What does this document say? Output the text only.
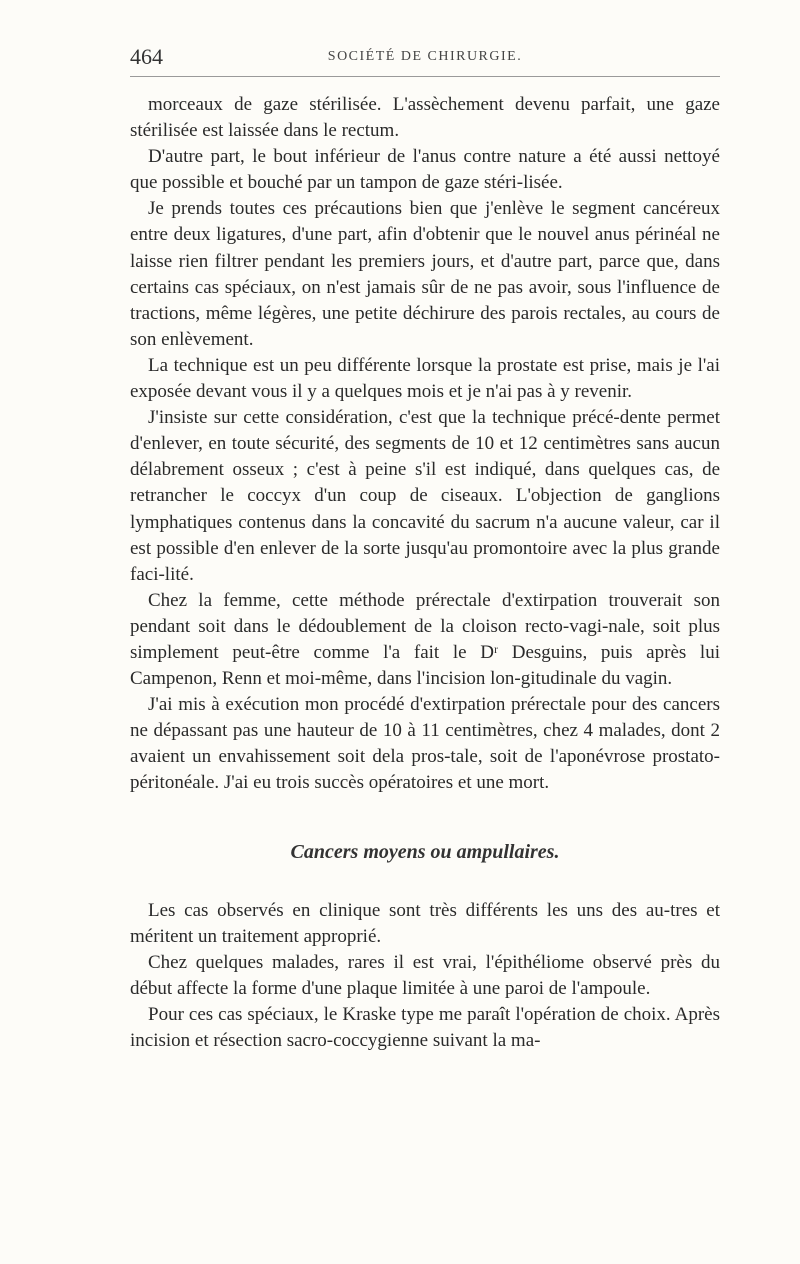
464	SOCIÉTÉ DE CHIRURGIE.

morceaux de gaze stérilisée. L'assèchement devenu parfait, une gaze stérilisée est laissée dans le rectum.

D'autre part, le bout inférieur de l'anus contre nature a été aussi nettoyé que possible et bouché par un tampon de gaze stéri-lisée.

Je prends toutes ces précautions bien que j'enlève le segment cancéreux entre deux ligatures, d'une part, afin d'obtenir que le nouvel anus périnéal ne laisse rien filtrer pendant les premiers jours, et d'autre part, parce que, dans certains cas spéciaux, on n'est jamais sûr de ne pas avoir, sous l'influence de tractions, même légères, une petite déchirure des parois rectales, au cours de son enlèvement.

La technique est un peu différente lorsque la prostate est prise, mais je l'ai exposée devant vous il y a quelques mois et je n'ai pas à y revenir.

J'insiste sur cette considération, c'est que la technique précé-dente permet d'enlever, en toute sécurité, des segments de 10 et 12 centimètres sans aucun délabrement osseux ; c'est à peine s'il est indiqué, dans quelques cas, de retrancher le coccyx d'un coup de ciseaux. L'objection de ganglions lymphatiques contenus dans la concavité du sacrum n'a aucune valeur, car il est possible d'en enlever de la sorte jusqu'au promontoire avec la plus grande faci-lité.

Chez la femme, cette méthode prérectale d'extirpation trouverait son pendant soit dans le dédoublement de la cloison recto-vagi-nale, soit plus simplement peut-être comme l'a fait le Dʳ Desguins, puis après lui Campenon, Renn et moi-même, dans l'incision lon-gitudinale du vagin.

J'ai mis à exécution mon procédé d'extirpation prérectale pour des cancers ne dépassant pas une hauteur de 10 à 11 centimètres, chez 4 malades, dont 2 avaient un envahissement soit dela pros-tale, soit de l'aponévrose prostato-péritonéale. J'ai eu trois succès opératoires et une mort.

Cancers moyens ou ampullaires.

Les cas observés en clinique sont très différents les uns des au-tres et méritent un traitement approprié.

Chez quelques malades, rares il est vrai, l'épithéliome observé près du début affecte la forme d'une plaque limitée à une paroi de l'ampoule.

Pour ces cas spéciaux, le Kraske type me paraît l'opération de choix. Après incision et résection sacro-coccygienne suivant la ma-
